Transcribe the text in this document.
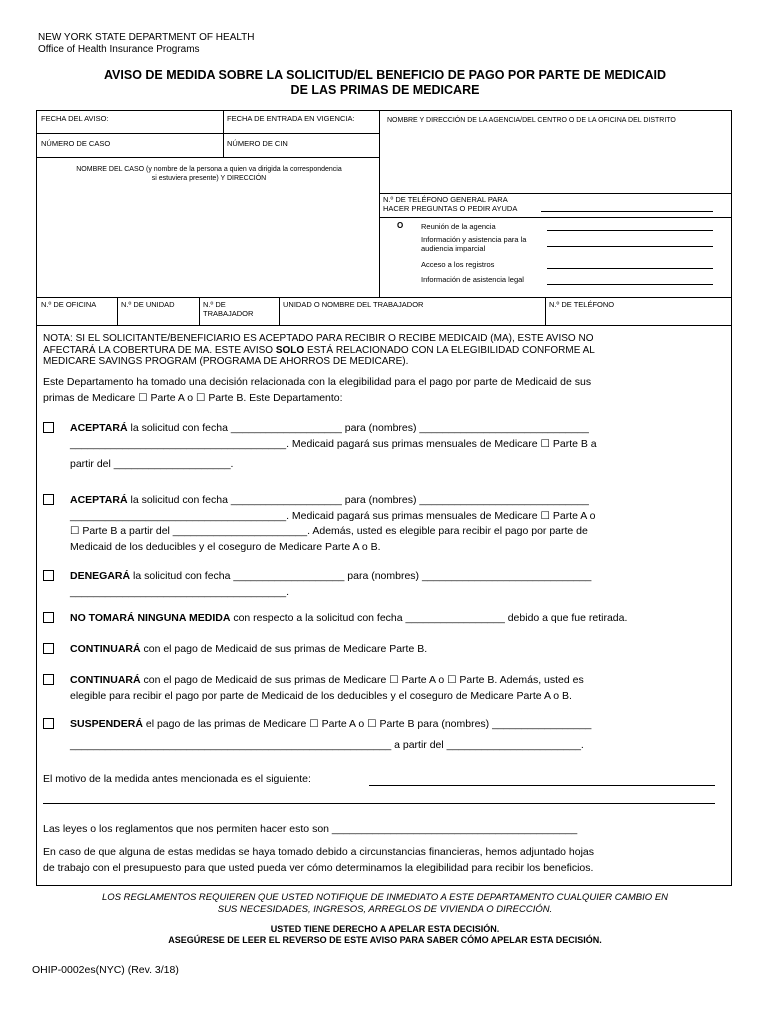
NEW YORK STATE DEPARTMENT OF HEALTH
Office of Health Insurance Programs
AVISO DE MEDIDA SOBRE LA SOLICITUD/EL BENEFICIO DE PAGO POR PARTE DE MEDICAID
DE LAS PRIMAS DE MEDICARE
FECHA DEL AVISO:	FECHA DE ENTRADA EN VIGENCIA:	NOMBRE Y DIRECCIÓN DE LA AGENCIA/DEL CENTRO O DE LA OFICINA DEL DISTRITO
NÚMERO DE CASO	NÚMERO DE CIN
NOMBRE DEL CASO (y nombre de la persona a quien va dirigida la correspondencia
si estuviera presente) Y DIRECCIÓN
N.º DE TELÉFONO GENERAL PARA
HACER PREGUNTAS O PEDIR AYUDA
O Reunión de la agencia
Información y asistencia para la
audiencia imparcial
Acceso a los registros
Información de asistencia legal
N.º DE OFICINA	N.º DE UNIDAD	N.º DE
TRABAJADOR
UNIDAD O NOMBRE DEL TRABAJADOR	N.º DE TELÉFONO
NOTA: SI EL SOLICITANTE/BENEFICIARIO ES ACEPTADO PARA RECIBIR O RECIBE MEDICAID (MA), ESTE AVISO NO
AFECTARÁ LA COBERTURA DE MA. ESTE AVISO SOLO ESTÁ RELACIONADO CON LA ELEGIBILIDAD CONFORME AL
MEDICARE SAVINGS PROGRAM (PROGRAMA DE AHORROS DE MEDICARE).
Este Departamento ha tomado una decisión relacionada con la elegibilidad para el pago por parte de Medicaid de sus
primas de Medicare ☐ Parte A o ☐ Parte B. Este Departamento:
ACEPTARÁ la solicitud con fecha ___________________ para (nombres) _____________________________
_____________________________________. Medicaid pagará sus primas mensuales de Medicare ☐ Parte B a
partir del ____________________.
ACEPTARÁ la solicitud con fecha ___________________ para (nombres) _____________________________
_____________________________________. Medicaid pagará sus primas mensuales de Medicare ☐ Parte A o
☐ Parte B a partir del _______________________. Además, usted es elegible para recibir el pago por parte de
Medicaid de los deducibles y el coseguro de Medicare Parte A o B.
DENEGARÁ la solicitud con fecha ___________________ para (nombres) _____________________________
_____________________________________.
NO TOMARÁ NINGUNA MEDIDA con respecto a la solicitud con fecha _________________ debido a que fue retirada.
CONTINUARÁ con el pago de Medicaid de sus primas de Medicare Parte B.
CONTINUARÁ con el pago de Medicaid de sus primas de Medicare ☐ Parte A o ☐ Parte B. Además, usted es
elegible para recibir el pago por parte de Medicaid de los deducibles y el coseguro de Medicare Parte A o B.
SUSPENDERÁ el pago de las primas de Medicare ☐ Parte A o ☐ Parte B para (nombres) _________________
_______________________________________________________ a partir del _______________________.
El motivo de la medida antes mencionada es el siguiente:
Las leyes o los reglamentos que nos permiten hacer esto son __________________________________________
En caso de que alguna de estas medidas se haya tomado debido a circunstancias financieras, hemos adjuntado hojas
de trabajo con el presupuesto para que usted pueda ver cómo determinamos la elegibilidad para recibir los beneficios.
LOS REGLAMENTOS REQUIEREN QUE USTED NOTIFIQUE DE INMEDIATO A ESTE DEPARTAMENTO CUALQUIER CAMBIO EN
SUS NECESIDADES, INGRESOS, ARREGLOS DE VIVIENDA O DIRECCIÓN.
USTED TIENE DERECHO A APELAR ESTA DECISIÓN.
ASEGÚRESE DE LEER EL REVERSO DE ESTE AVISO PARA SABER CÓMO APELAR ESTA DECISIÓN.
OHIP-0002es(NYC) (Rev. 3/18)
